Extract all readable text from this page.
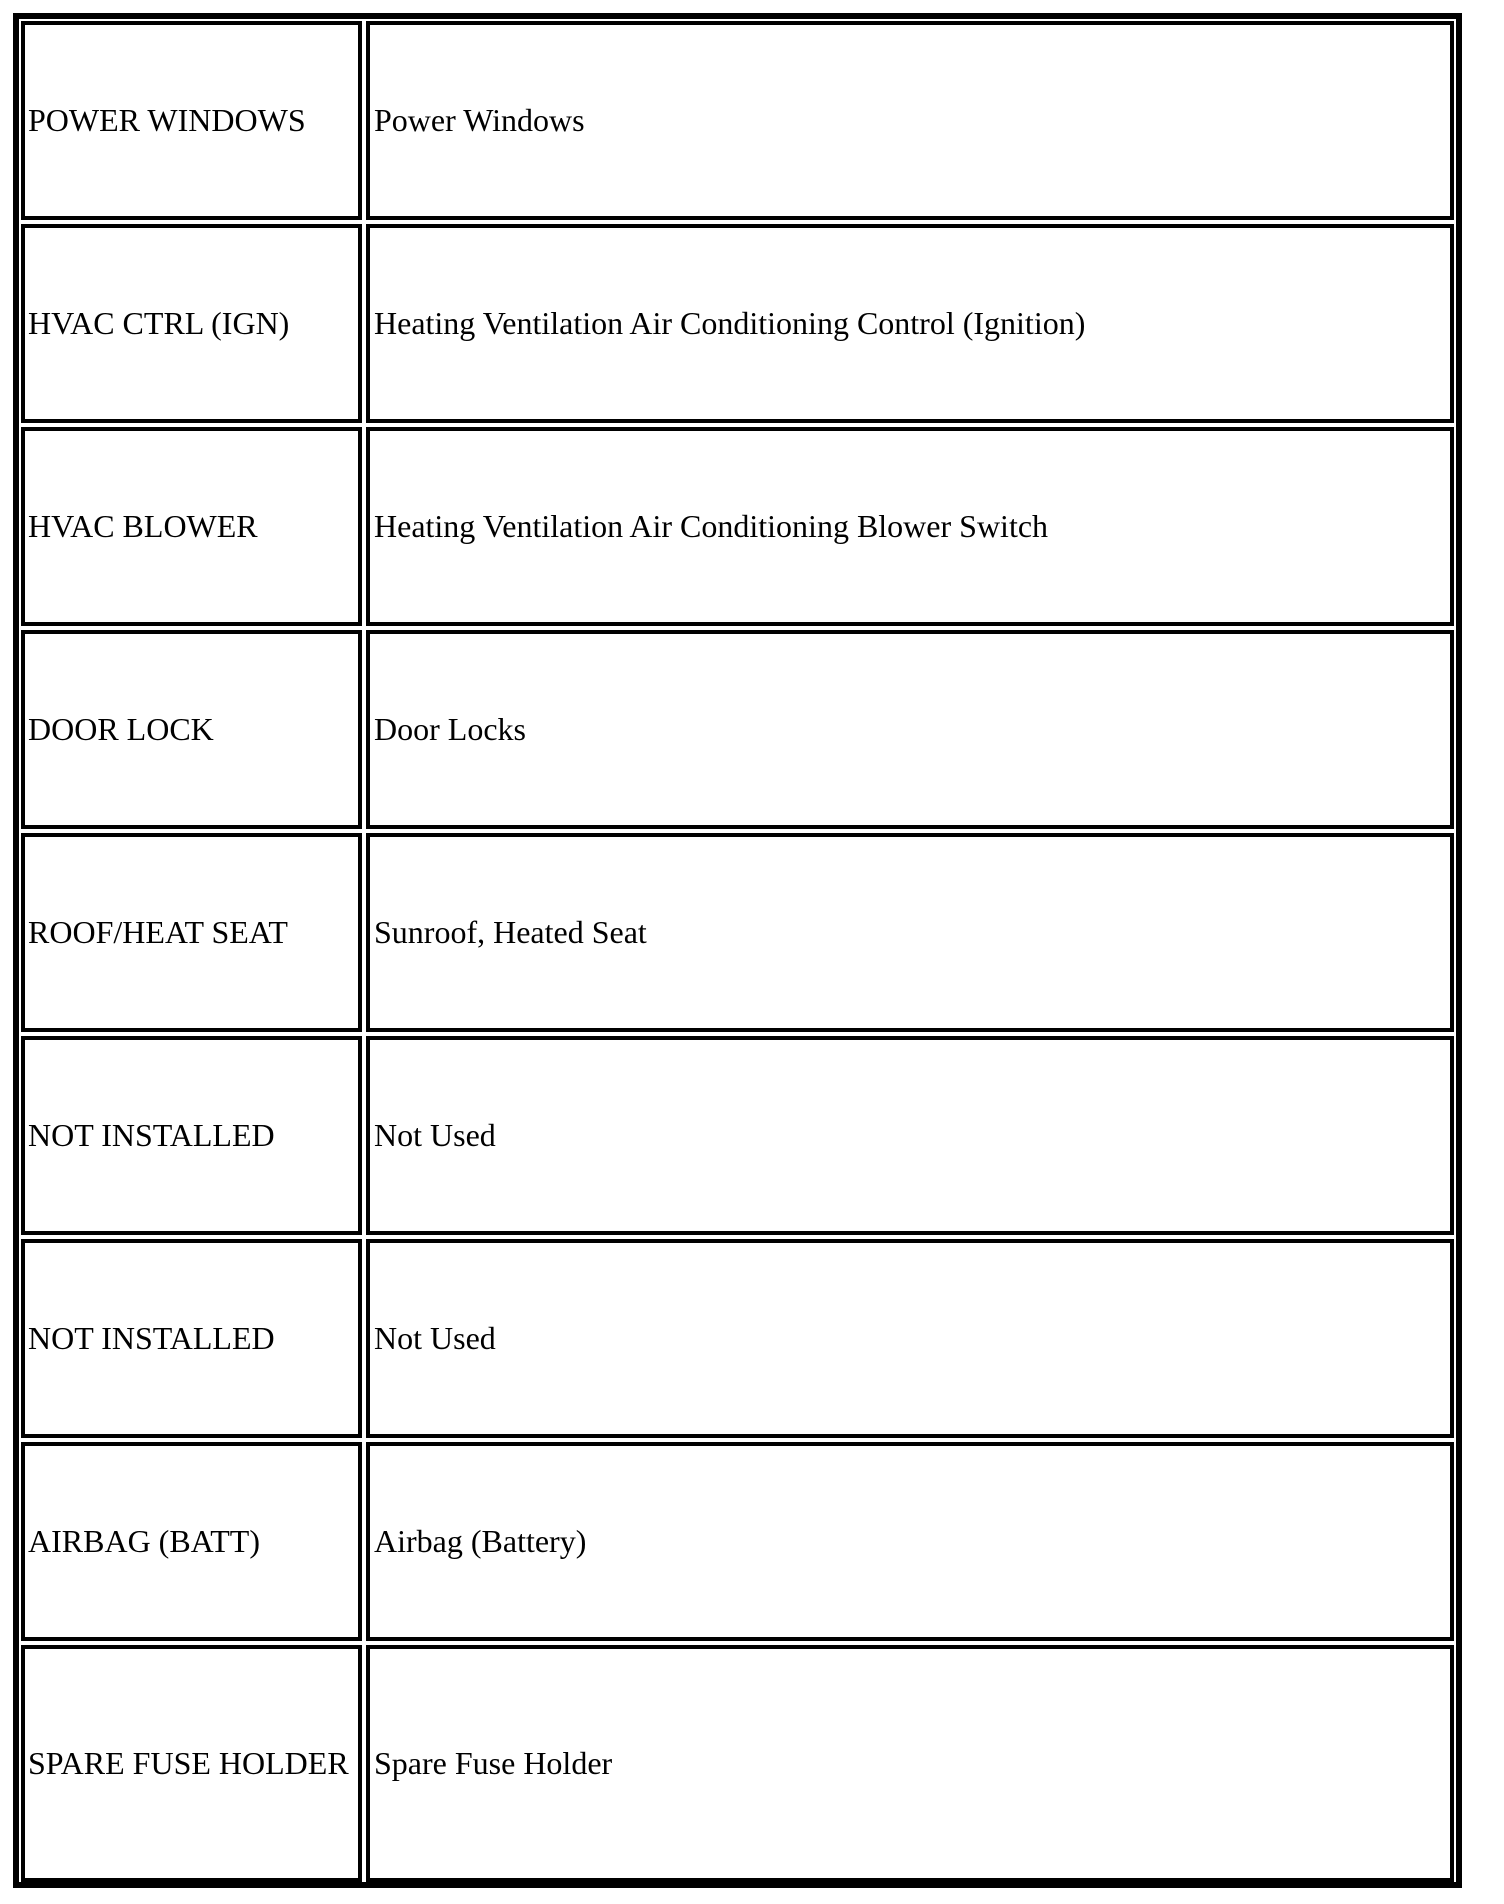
POWER WINDOWS	Power Windows
HVAC CTRL (IGN)	Heating Ventilation Air Conditioning Control (Ignition)
HVAC BLOWER	Heating Ventilation Air Conditioning Blower Switch
DOOR LOCK	Door Locks
ROOF/HEAT SEAT	Sunroof, Heated Seat
NOT INSTALLED	Not Used
NOT INSTALLED	Not Used
AIRBAG (BATT)	Airbag (Battery)
SPARE FUSE HOLDER	Spare Fuse Holder
